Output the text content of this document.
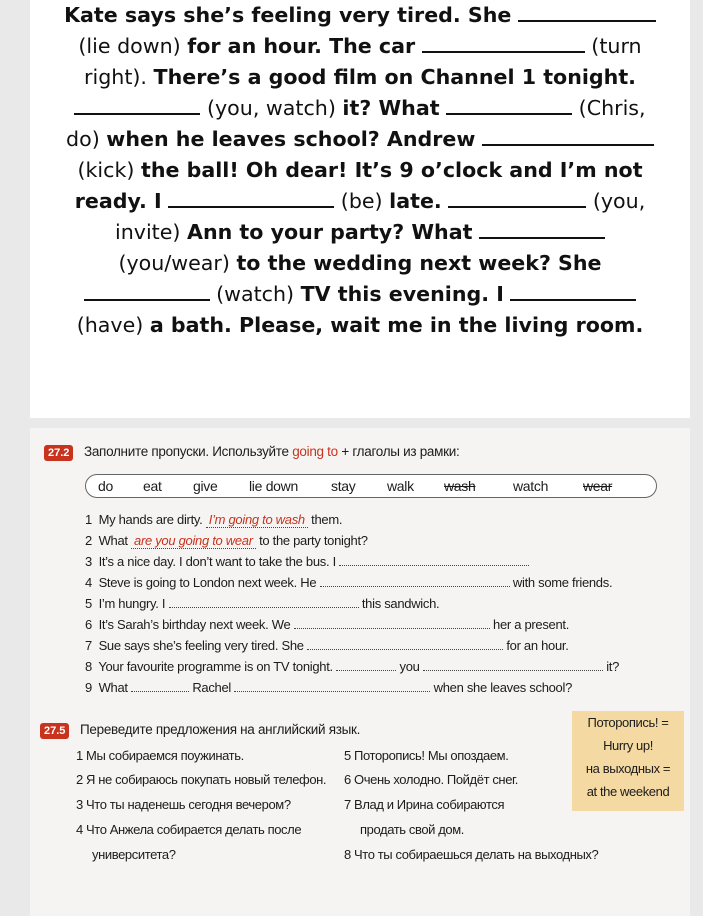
Kate says she’s feeling very tired. She
(lie down) for an hour. The car	(turn
right). There’s a good film on Channel 1 tonight.
(you, watch) it? What	(Chris,
do) when he leaves school? Andrew
(kick) the ball! Oh dear! It’s 9 o’clock and I’m not
ready. I	(be) late.	(you,
invite) Ann to your party? What
(you/wear) to the wedding next week? She
(watch) TV this evening. I
(have) a bath. Please, wait me in the living room.
27.2 Заполните пропуски. Используйте going to + глаголы из рамки:
do eat give lie down stay walk wash	watch wear
1 My hands are dirty. I’m going to wash them.
2 What are you going to wear to the party tonight?
3 It’s a nice day. I don’t want to take the bus. I
4 Steve is going to London next week. He	with some friends.
5 I’m hungry. I	this sandwich.
6 It’s Sarah’s birthday next week. We	her a present.
7 Sue says she’s feeling very tired. She	for an hour.
8 Your favourite programme is on TV tonight.	you	it?
9 What	Rachel	when she leaves school?
27.5 Переведите предложения на английский язык.
1 Мы собираемся поужинать.
2 Я не собираюсь покупать новый телефон.
3 Что ты наденешь сегодня вечером?
4 Что Анжела собирается делать после
университета?
5 Поторопись! Мы опоздаем.
6 Очень холодно. Пойдёт снег.
7 Влад и Ирина собираются
продать свой дом.
8 Что ты собираешься делать на выходных?
Поторопись! =
Hurry up!
на выходных =
at the weekend
